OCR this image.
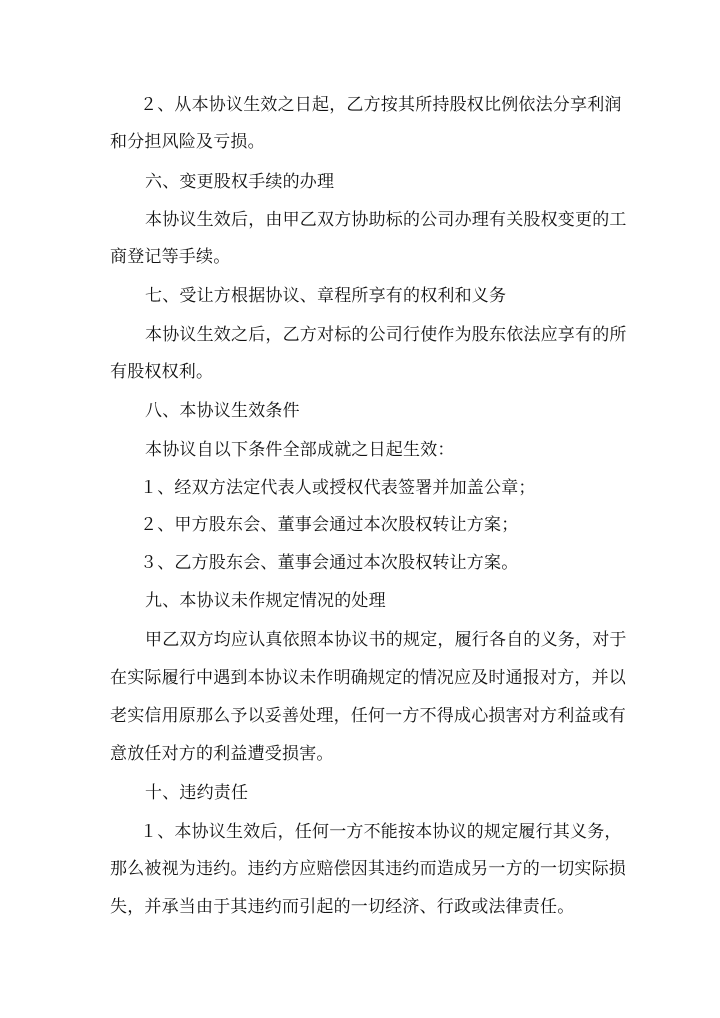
２、从本协议生效之日起，乙方按其所持股权比例依法分享利润
和分担风险及亏损。
六、变更股权手续的办理
本协议生效后，由甲乙双方协助标的公司办理有关股权变更的工
商登记等手续。
七、受让方根据协议、章程所享有的权利和义务
本协议生效之后，乙方对标的公司行使作为股东依法应享有的所
有股权权利。
八、本协议生效条件
本协议自以下条件全部成就之日起生效：
１、经双方法定代表人或授权代表签署并加盖公章；
２、甲方股东会、董事会通过本次股权转让方案；
３、乙方股东会、董事会通过本次股权转让方案。
九、本协议未作规定情况的处理
甲乙双方均应认真依照本协议书的规定，履行各自的义务，对于
在实际履行中遇到本协议未作明确规定的情况应及时通报对方，并以
老实信用原那么予以妥善处理，任何一方不得成心损害对方利益或有
意放任对方的利益遭受损害。
十、违约责任
１、本协议生效后，任何一方不能按本协议的规定履行其义务，
那么被视为违约。违约方应赔偿因其违约而造成另一方的一切实际损
失，并承当由于其违约而引起的一切经济、行政或法律责任。
